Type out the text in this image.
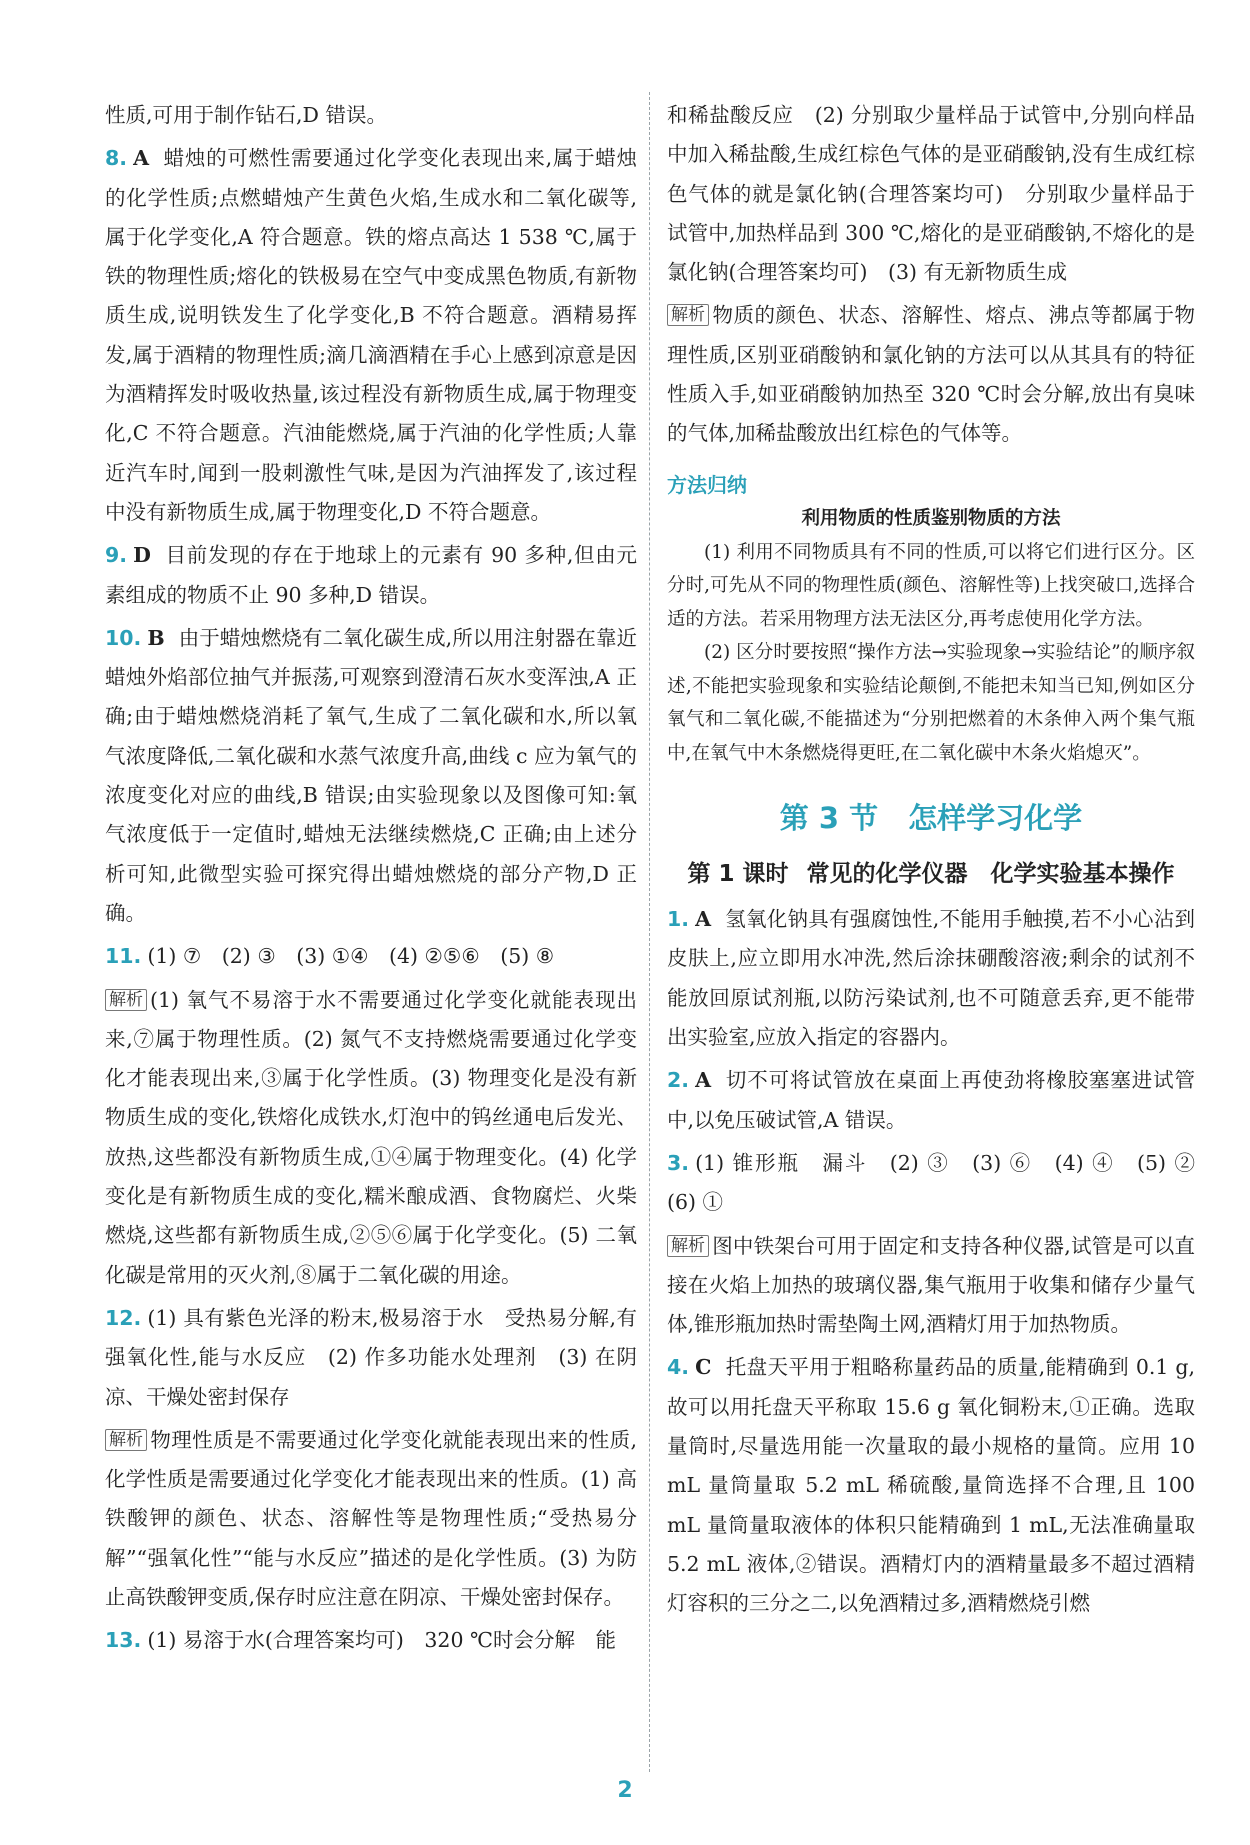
性质,可用于制作钻石,D 错误。

8. A 蜡烛的可燃性需要通过化学变化表现出来,属于蜡烛的化学性质;点燃蜡烛产生黄色火焰,生成水和二氧化碳等,属于化学变化,A 符合题意。铁的熔点高达 1 538 ℃,属于铁的物理性质;熔化的铁极易在空气中变成黑色物质,有新物质生成,说明铁发生了化学变化,B 不符合题意。酒精易挥发,属于酒精的物理性质;滴几滴酒精在手心上感到凉意是因为酒精挥发时吸收热量,该过程没有新物质生成,属于物理变化,C 不符合题意。汽油能燃烧,属于汽油的化学性质;人靠近汽车时,闻到一股刺激性气味,是因为汽油挥发了,该过程中没有新物质生成,属于物理变化,D 不符合题意。

9. D 目前发现的存在于地球上的元素有 90 多种,但由元素组成的物质不止 90 多种,D 错误。

10. B 由于蜡烛燃烧有二氧化碳生成,所以用注射器在靠近蜡烛外焰部位抽气并振荡,可观察到澄清石灰水变浑浊,A 正确;由于蜡烛燃烧消耗了氧气,生成了二氧化碳和水,所以氧气浓度降低,二氧化碳和水蒸气浓度升高,曲线 c 应为氧气的浓度变化对应的曲线,B 错误;由实验现象以及图像可知:氧气浓度低于一定值时,蜡烛无法继续燃烧,C 正确;由上述分析可知,此微型实验可探究得出蜡烛燃烧的部分产物,D 正确。

11. (1) ⑦　(2) ③　(3) ①④　(4) ②⑤⑥　(5) ⑧

解析 (1) 氧气不易溶于水不需要通过化学变化就能表现出来,⑦属于物理性质。(2) 氮气不支持燃烧需要通过化学变化才能表现出来,③属于化学性质。(3) 物理变化是没有新物质生成的变化,铁熔化成铁水,灯泡中的钨丝通电后发光、放热,这些都没有新物质生成,①④属于物理变化。(4) 化学变化是有新物质生成的变化,糯米酿成酒、食物腐烂、火柴燃烧,这些都有新物质生成,②⑤⑥属于化学变化。(5) 二氧化碳是常用的灭火剂,⑧属于二氧化碳的用途。

12. (1) 具有紫色光泽的粉末,极易溶于水　受热易分解,有强氧化性,能与水反应　(2) 作多功能水处理剂　(3) 在阴凉、干燥处密封保存

解析 物理性质是不需要通过化学变化就能表现出来的性质,化学性质是需要通过化学变化才能表现出来的性质。(1) 高铁酸钾的颜色、状态、溶解性等是物理性质;“受热易分解”“强氧化性”“能与水反应”描述的是化学性质。(3) 为防止高铁酸钾变质,保存时应注意在阴凉、干燥处密封保存。

13. (1) 易溶于水(合理答案均可)　320 ℃时会分解　能

和稀盐酸反应　(2) 分别取少量样品于试管中,分别向样品中加入稀盐酸,生成红棕色气体的是亚硝酸钠,没有生成红棕色气体的就是氯化钠(合理答案均可)　分别取少量样品于试管中,加热样品到 300 ℃,熔化的是亚硝酸钠,不熔化的是氯化钠(合理答案均可)　(3) 有无新物质生成

解析 物质的颜色、状态、溶解性、熔点、沸点等都属于物理性质,区别亚硝酸钠和氯化钠的方法可以从其具有的特征性质入手,如亚硝酸钠加热至 320 ℃时会分解,放出有臭味的气体,加稀盐酸放出红棕色的气体等。

方法归纳
利用物质的性质鉴别物质的方法

(1) 利用不同物质具有不同的性质,可以将它们进行区分。区分时,可先从不同的物理性质(颜色、溶解性等)上找突破口,选择合适的方法。若采用物理方法无法区分,再考虑使用化学方法。

(2) 区分时要按照“操作方法→实验现象→实验结论”的顺序叙述,不能把实验现象和实验结论颠倒,不能把未知当已知,例如区分氧气和二氧化碳,不能描述为“分别把燃着的木条伸入两个集气瓶中,在氧气中木条燃烧得更旺,在二氧化碳中木条火焰熄灭”。

第 3 节 怎样学习化学
第 1 课时 常见的化学仪器　化学实验基本操作

1. A 氢氧化钠具有强腐蚀性,不能用手触摸,若不小心沾到皮肤上,应立即用水冲洗,然后涂抹硼酸溶液;剩余的试剂不能放回原试剂瓶,以防污染试剂,也不可随意丢弃,更不能带出实验室,应放入指定的容器内。

2. A 切不可将试管放在桌面上再使劲将橡胶塞塞进试管中,以免压破试管,A 错误。

3. (1) 锥形瓶　漏斗　(2) ③　(3) ⑥　(4) ④　(5) ②　(6) ①

解析 图中铁架台可用于固定和支持各种仪器,试管是可以直接在火焰上加热的玻璃仪器,集气瓶用于收集和储存少量气体,锥形瓶加热时需垫陶土网,酒精灯用于加热物质。

4. C 托盘天平用于粗略称量药品的质量,能精确到 0.1 g,故可以用托盘天平称取 15.6 g 氧化铜粉末,①正确。选取量筒时,尽量选用能一次量取的最小规格的量筒。应用 10 mL 量筒量取 5.2 mL 稀硫酸,量筒选择不合理,且 100 mL 量筒量取液体的体积只能精确到 1 mL,无法准确量取 5.2 mL 液体,②错误。酒精灯内的酒精量最多不超过酒精灯容积的三分之二,以免酒精过多,酒精燃烧引燃

2
